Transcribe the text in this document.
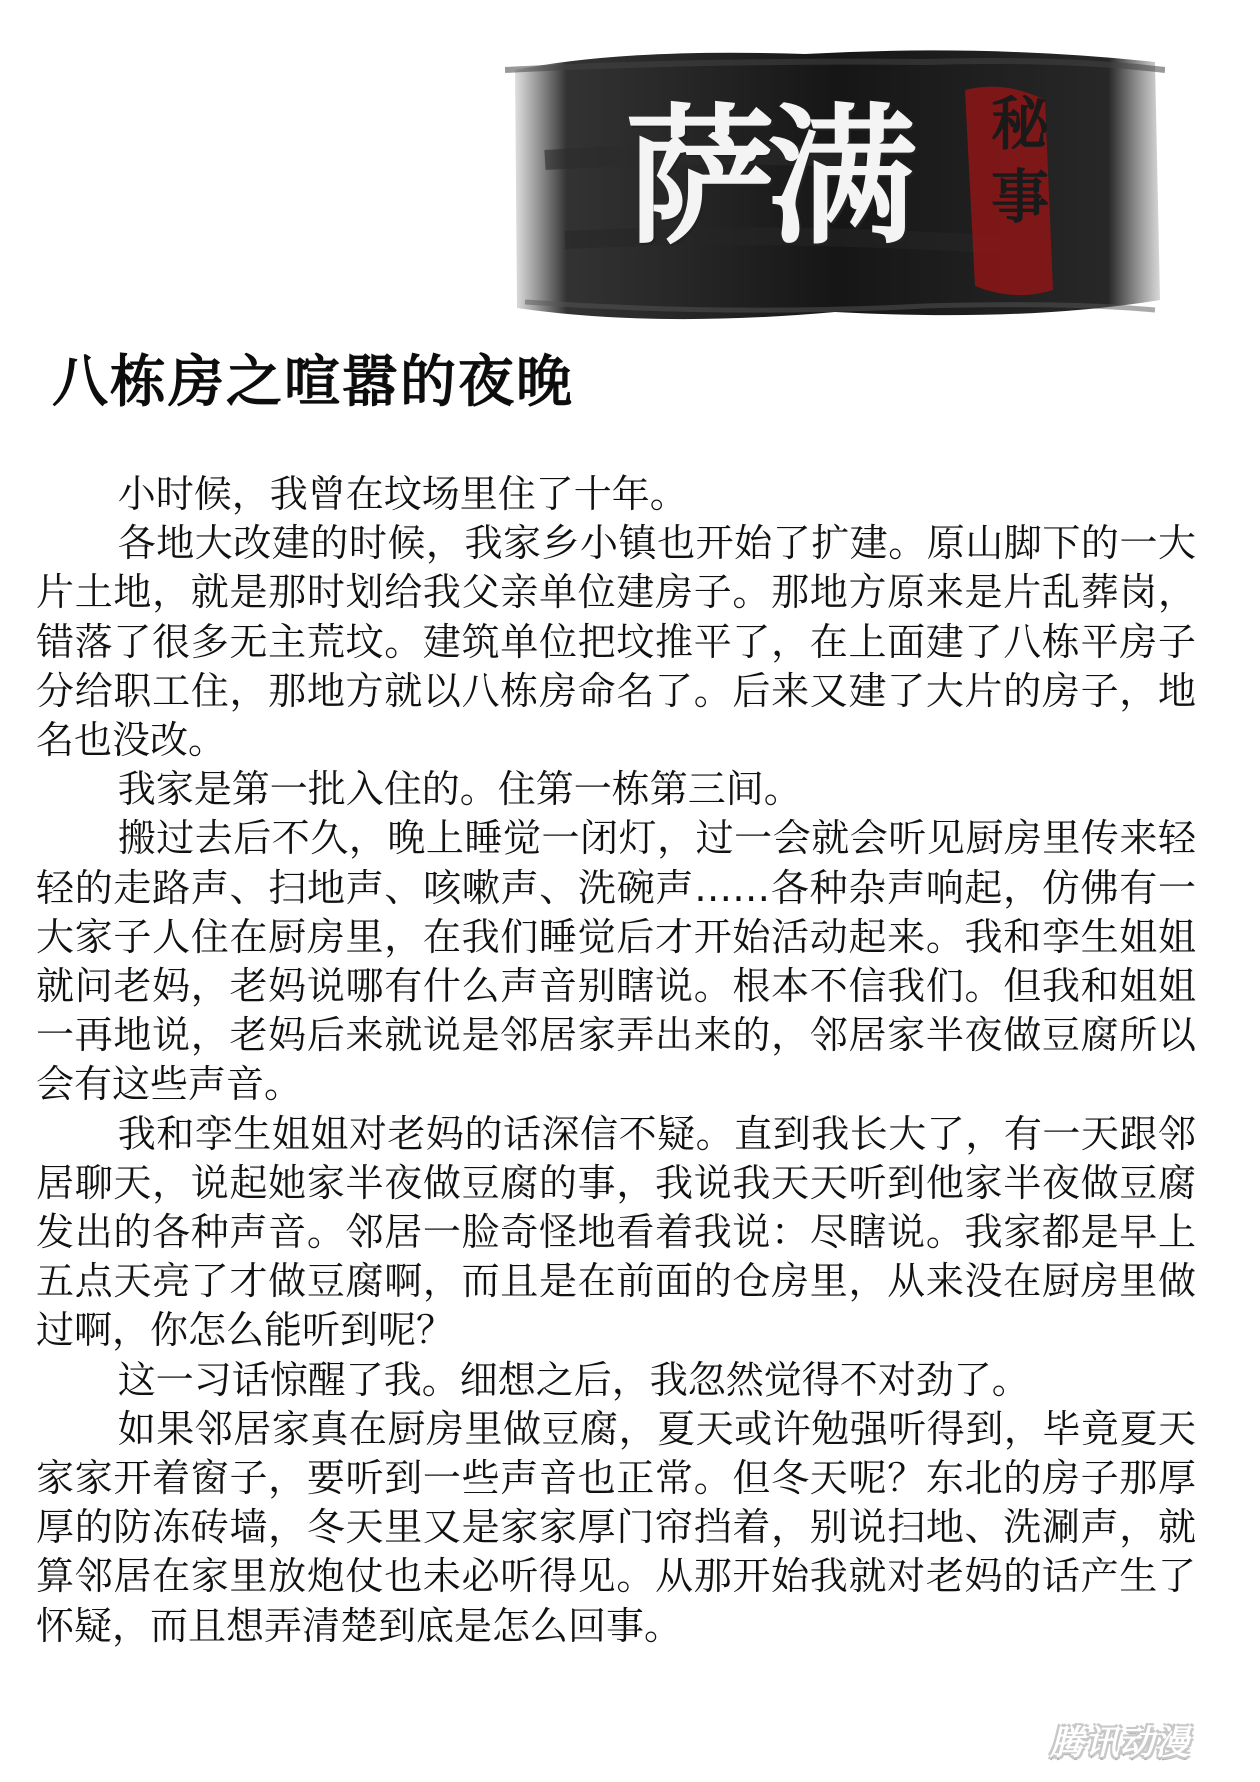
萨满 秘事
八栋房之喧嚣的夜晚

小时候，我曾在坟场里住了十年。

各地大改建的时候，我家乡小镇也开始了扩建。原山脚下的一大片土地，就是那时划给我父亲单位建房子。那地方原来是片乱葬岗，错落了很多无主荒坟。建筑单位把坟推平了，在上面建了八栋平房子分给职工住，那地方就以八栋房命名了。后来又建了大片的房子，地名也没改。

我家是第一批入住的。住第一栋第三间。

搬过去后不久，晚上睡觉一闭灯，过一会就会听见厨房里传来轻轻的走路声、扫地声、咳嗽声、洗碗声……各种杂声响起，仿佛有一大家子人住在厨房里，在我们睡觉后才开始活动起来。我和孪生姐姐就问老妈，老妈说哪有什么声音别瞎说。根本不信我们。但我和姐姐一再地说，老妈后来就说是邻居家弄出来的，邻居家半夜做豆腐所以会有这些声音。

我和孪生姐姐对老妈的话深信不疑。直到我长大了，有一天跟邻居聊天，说起她家半夜做豆腐的事，我说我天天听到他家半夜做豆腐发出的各种声音。邻居一脸奇怪地看着我说：尽瞎说。我家都是早上五点天亮了才做豆腐啊，而且是在前面的仓房里，从来没在厨房里做过啊，你怎么能听到呢？

这一习话惊醒了我。细想之后，我忽然觉得不对劲了。

如果邻居家真在厨房里做豆腐，夏天或许勉强听得到，毕竟夏天家家开着窗子，要听到一些声音也正常。但冬天呢？东北的房子那厚厚的防冻砖墙，冬天里又是家家厚门帘挡着，别说扫地、洗涮声，就算邻居在家里放炮仗也未必听得见。从那开始我就对老妈的话产生了怀疑，而且想弄清楚到底是怎么回事。

腾讯动漫
